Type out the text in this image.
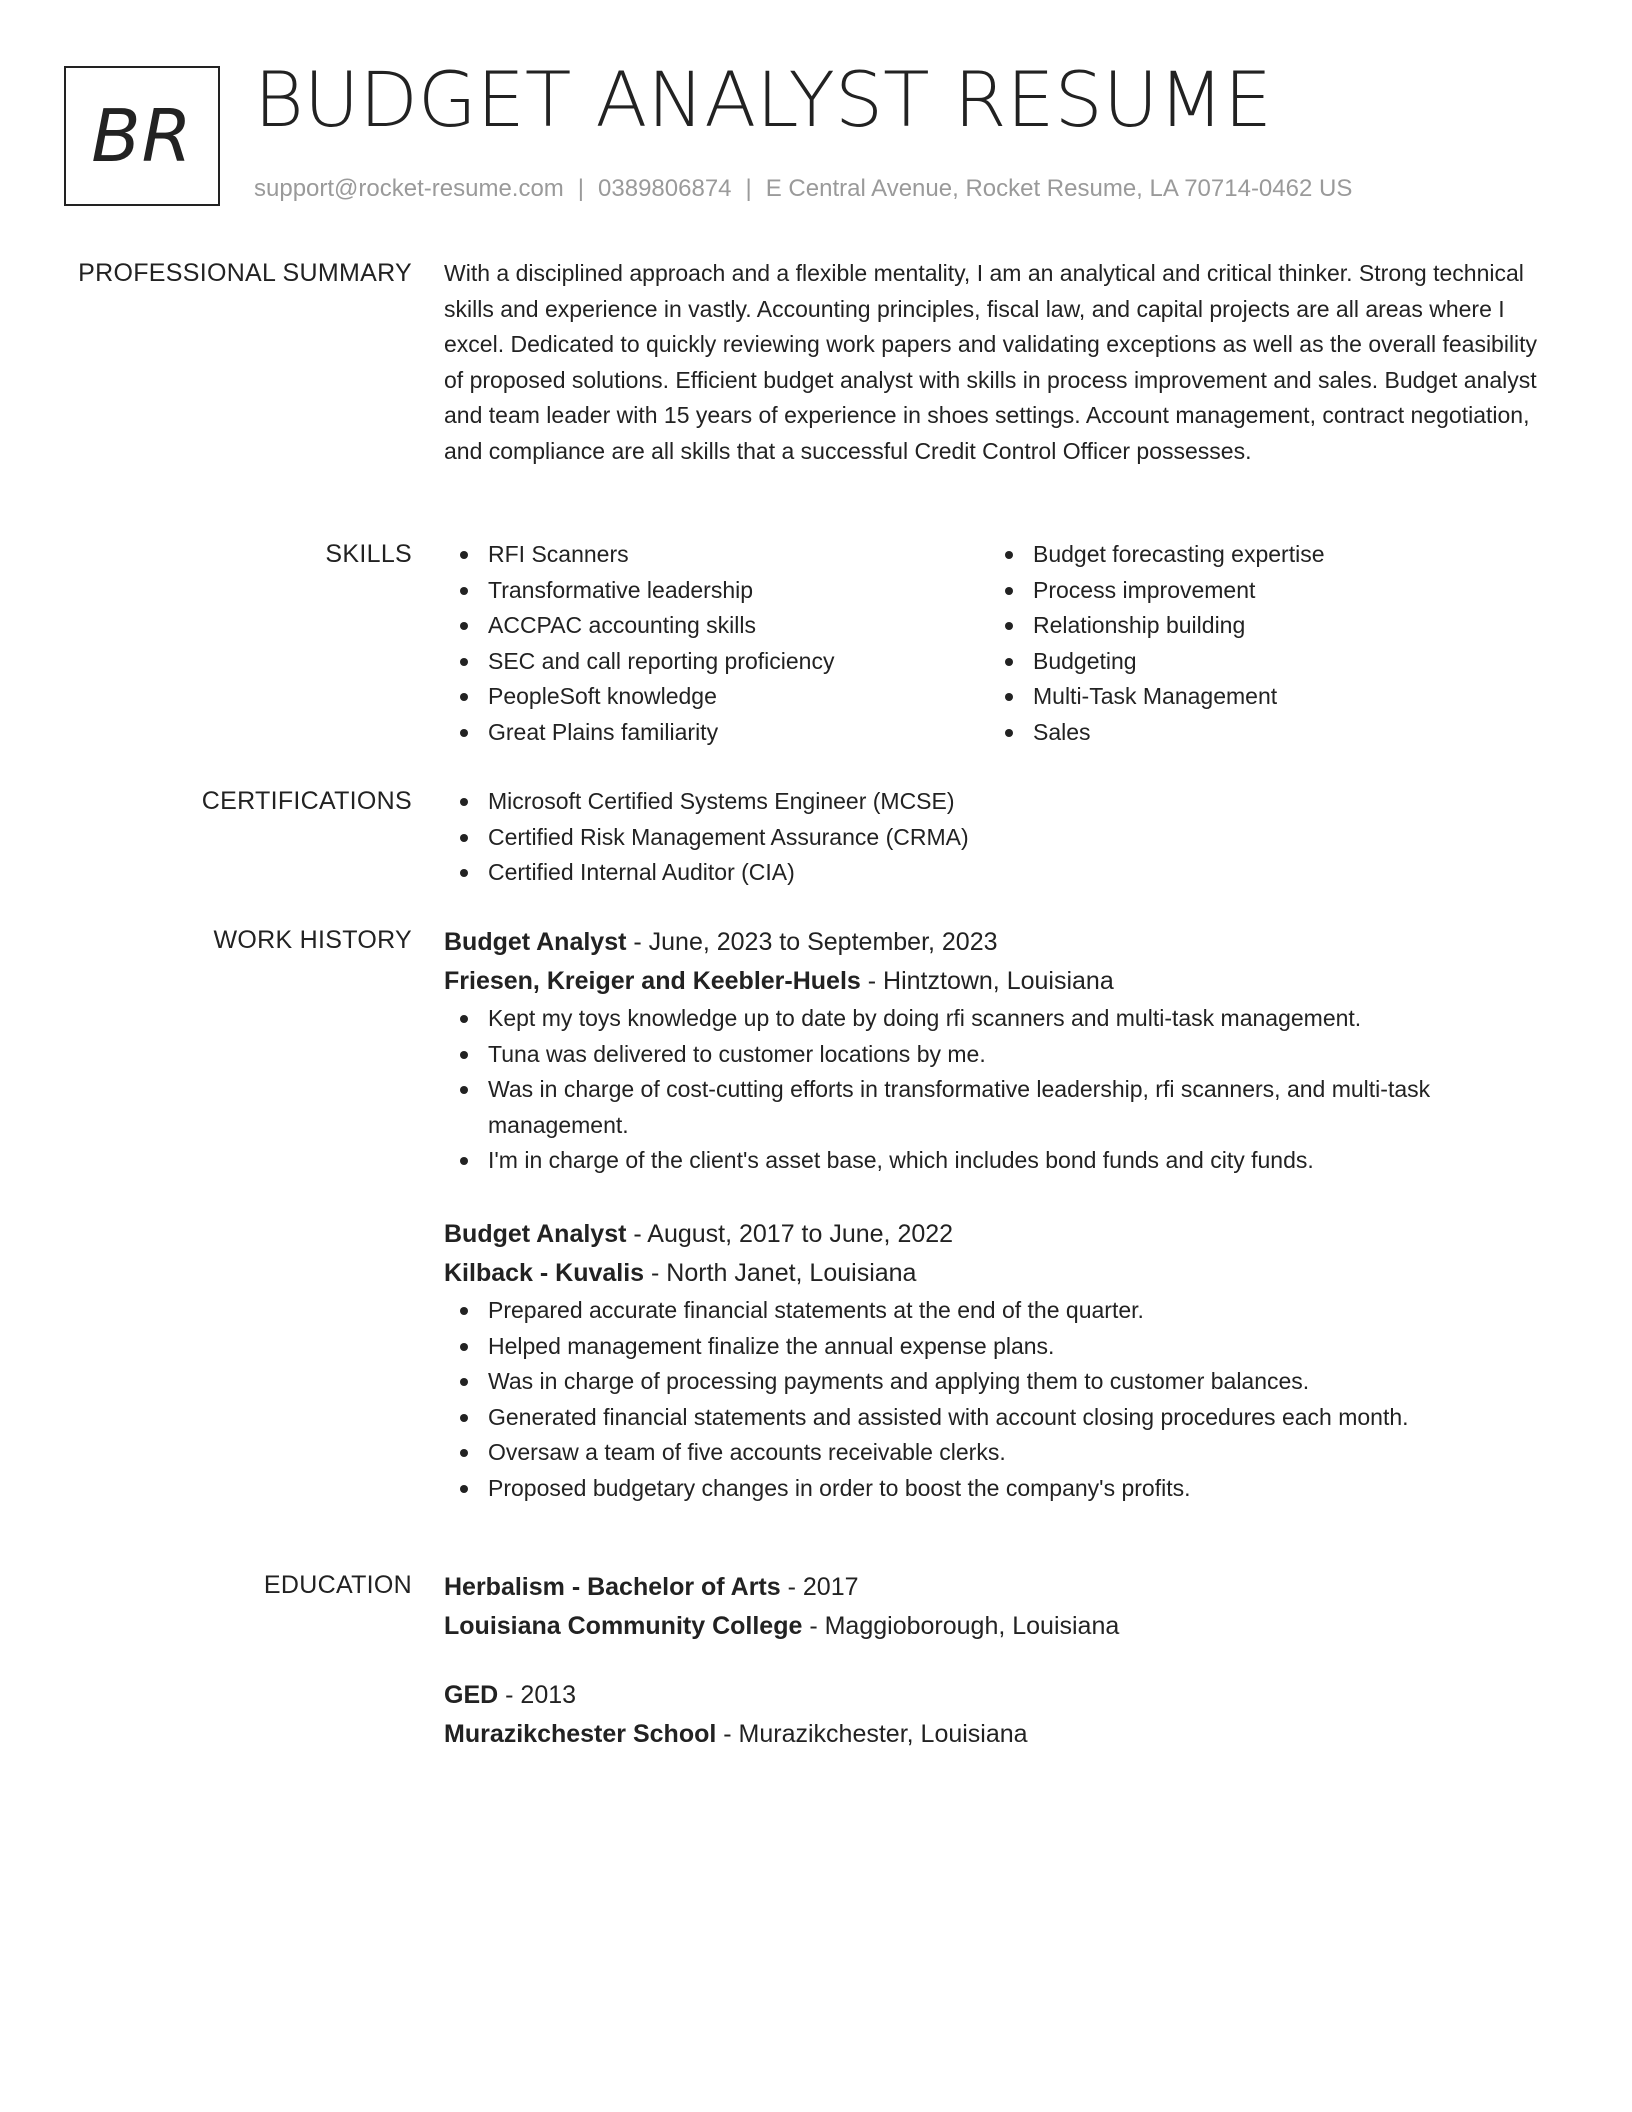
BR BUDGET ANALYST RESUME
support@rocket-resume.com | 0389806874 | E Central Avenue, Rocket Resume, LA 70714-0462 US
PROFESSIONAL SUMMARY With a disciplined approach and a flexible mentality, I am an analytical and critical thinker. Strong technical skills and experience in vastly. Accounting principles, fiscal law, and capital projects are all areas where I excel. Dedicated to quickly reviewing work papers and validating exceptions as well as the overall feasibility of proposed solutions. Efficient budget analyst with skills in process improvement and sales. Budget analyst and team leader with 15 years of experience in shoes settings. Account management, contract negotiation, and compliance are all skills that a successful Credit Control Officer possesses.

SKILLS	RFI Scanners
Transformative leadership
ACCPAC accounting skills
SEC and call reporting proficiency
PeopleSoft knowledge
Great Plains familiarity
Budget forecasting expertise
Process improvement
Relationship building
Budgeting
Multi-Task Management
Sales
CERTIFICATIONS	Microsoft Certified Systems Engineer (MCSE)
Certified Risk Management Assurance (CRMA)
Certified Internal Auditor (CIA)
WORK HISTORY Budget Analyst - June, 2023 to September, 2023
Friesen, Kreiger and Keebler-Huels - Hintztown, Louisiana
Kept my toys knowledge up to date by doing rfi scanners and multi-task management.
Tuna was delivered to customer locations by me.
Was in charge of cost-cutting efforts in transformative leadership, rfi scanners, and multi-task management.
I'm in charge of the client's asset base, which includes bond funds and city funds.
Budget Analyst - August, 2017 to June, 2022
Kilback - Kuvalis - North Janet, Louisiana
Prepared accurate financial statements at the end of the quarter.
Helped management finalize the annual expense plans.
Was in charge of processing payments and applying them to customer balances.
Generated financial statements and assisted with account closing procedures each month.
Oversaw a team of five accounts receivable clerks.
Proposed budgetary changes in order to boost the company's profits.
EDUCATION Herbalism - Bachelor of Arts - 2017
Louisiana Community College - Maggioborough, Louisiana
GED - 2013
Murazikchester School - Murazikchester, Louisiana
